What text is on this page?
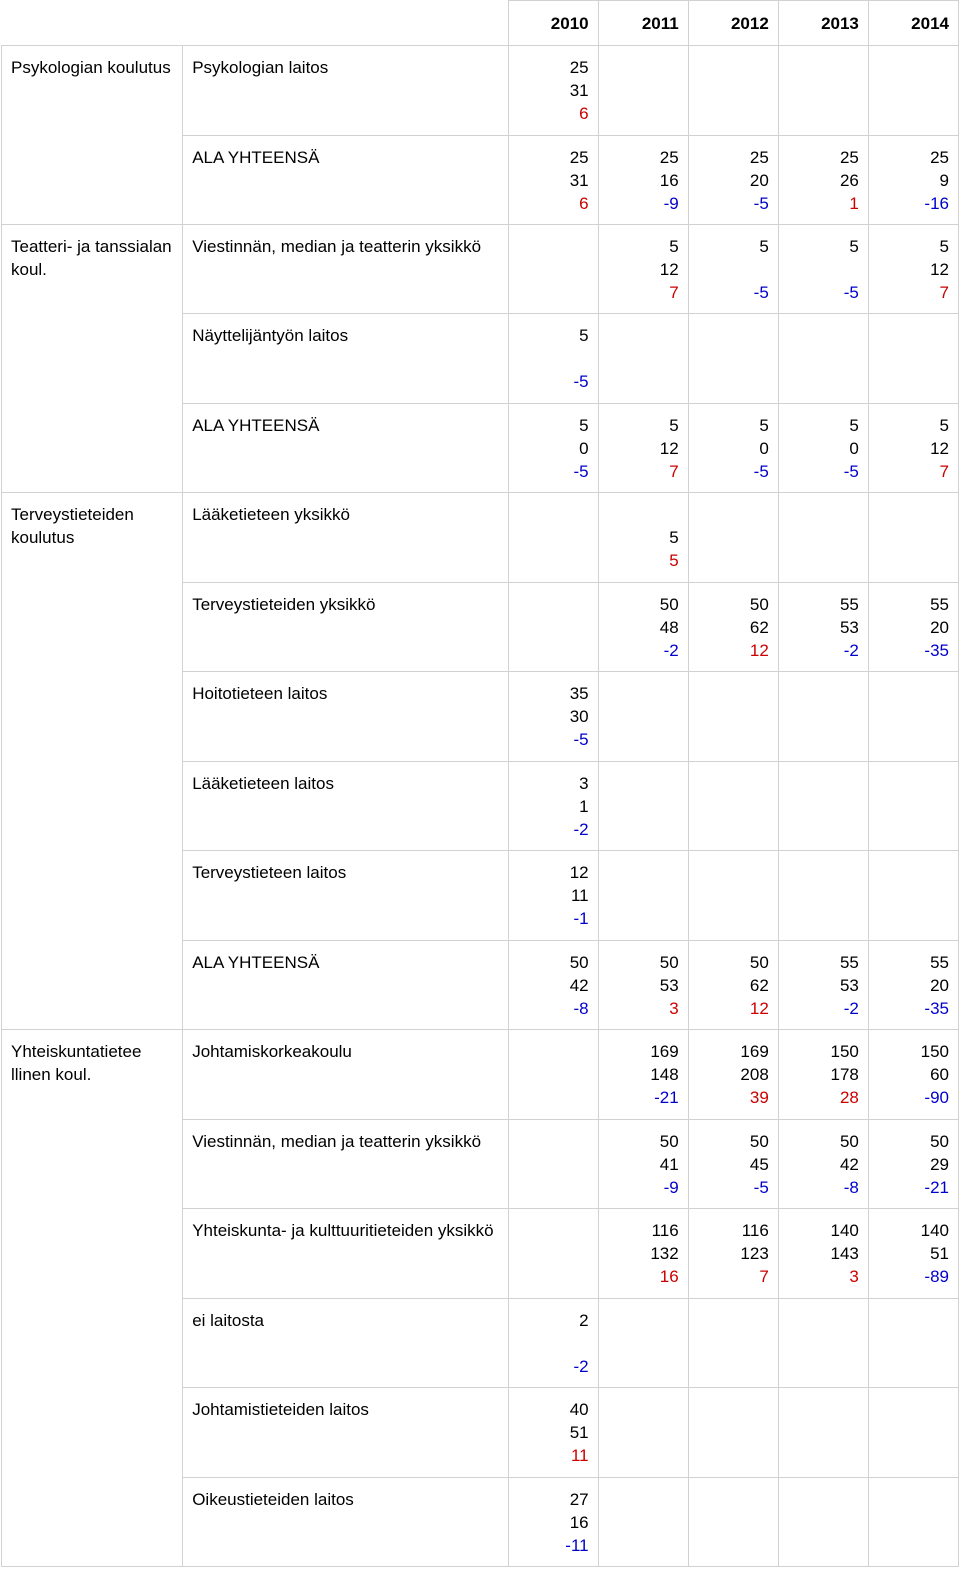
		2010	2011	2012	2013	2014
Psykologian koulutus	Psykologian laitos	25
31
6				

	ALA YHTEENSÄ	25
31
6	25
16
-9	25
20
-5	25
26
1	25
9
-16

Teatteri- ja tanssialan koul.	Viestinnän, median ja teatterin yksikkö		5
12
7	5
-5	5
-5	5
12
7

	Näyttelijäntyön laitos	5
-5				

	ALA YHTEENSÄ	5
0
-5	5
12
7	5
0
-5	5
0
-5	5
12
7

Terveystieteiden koulutus	Lääketieteen yksikkö		5
5			

	Terveystieteiden yksikkö		50
48
-2	50
62
12	55
53
-2	55
20
-35

	Hoitotieteen laitos	35
30
-5				

	Lääketieteen laitos	3
1
-2				

	Terveystieteen laitos	12
11
-1				

	ALA YHTEENSÄ	50
42
-8	50
53
3	50
62
12	55
53
-2	55
20
-35

Yhteiskuntatietee llinen koul.	Johtamiskorkeakoulu		169
148
-21	169
208
39	150
178
28	150
60
-90

	Viestinnän, median ja teatterin yksikkö		50
41
-9	50
45
-5	50
42
-8	50
29
-21

	Yhteiskunta- ja kulttuuritieteiden yksikkö		116
132
16	116
123
7	140
143
3	140
51
-89

	ei laitosta	2
-2				

	Johtamistieteiden laitos	40
51
11				

	Oikeustieteiden laitos	27
16
-11				
